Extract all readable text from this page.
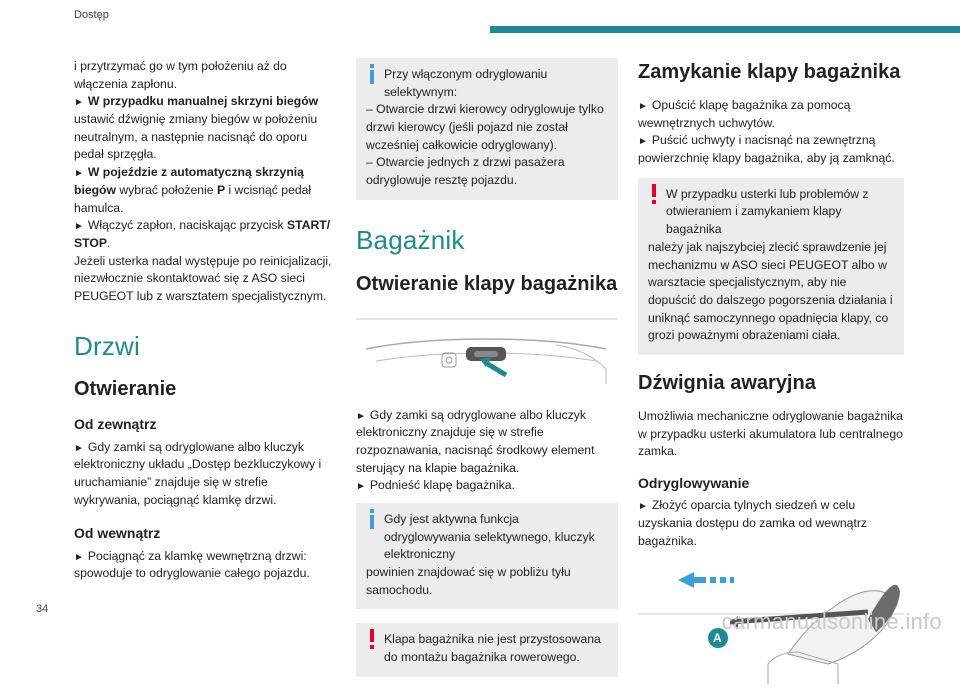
Dostęp

i przytrzymać go w tym położeniu aż do włączenia zapłonu.

► W przypadku manualnej skrzyni biegów ustawić dźwignię zmiany biegów w położeniu neutralnym, a następnie nacisnąć do oporu pedał sprzęgła.

► W pojeździe z automatyczną skrzynią biegów wybrać położenie P i wcisnąć pedał hamulca.

► Włączyć zapłon, naciskając przycisk START/ STOP.

Jeżeli usterka nadal występuje po reinicjalizacji, niezwłocznie skontaktować się z ASO sieci PEUGEOT lub z warsztatem specjalistycznym.

Drzwi
Otwieranie
Od zewnątrz

► Gdy zamki są odryglowane albo kluczyk elektroniczny układu „Dostęp bezkluczykowy i uruchamianie” znajduje się w strefie wykrywania, pociągnąć klamkę drzwi.

Od wewnątrz

► Pociągnąć za klamkę wewnętrzną drzwi: spowoduje to odryglowanie całego pojazdu.

Przy włączonym odryglowaniu selektywnym:

– Otwarcie drzwi kierowcy odryglowuje tylko drzwi kierowcy (jeśli pojazd nie został wcześniej całkowicie odryglowany).

– Otwarcie jednych z drzwi pasażera odryglowuje resztę pojazdu.

Bagażnik
Otwieranie klapy bagażnika

► Gdy zamki są odryglowane albo kluczyk elektroniczny znajduje się w strefie rozpoznawania, nacisnąć środkowy element sterujący na klapie bagażnika.

► Podnieść klapę bagażnika.

Gdy jest aktywna funkcja odryglowywania selektywnego, kluczyk elektroniczny

powinien znajdować się w pobliżu tyłu samochodu.

Klapa bagażnika nie jest przystosowana do montażu bagażnika rowerowego.
Zamykanie klapy bagażnika

► Opuścić klapę bagażnika za pomocą wewnętrznych uchwytów.

► Puścić uchwyty i nacisnąć na zewnętrzną powierzchnię klapy bagażnika, aby ją zamknąć.

W przypadku usterki lub problemów z otwieraniem i zamykaniem klapy bagażnika

należy jak najszybciej zlecić sprawdzenie jej mechanizmu w ASO sieci PEUGEOT albo w warsztacie specjalistycznym, aby nie dopuścić do dalszego pogorszenia działania i uniknąć samoczynnego opadnięcia klapy, co grozi poważnymi obrażeniami ciała.

Dźwignia awaryjna

Umożliwia mechaniczne odryglowanie bagażnika w przypadku usterki akumulatora lub centralnego zamka.

Odryglowywanie

► Złożyć oparcia tylnych siedzeń w celu uzyskania dostępu do zamka od wewnątrz bagażnika.

A
34	carmanualsonline.info
